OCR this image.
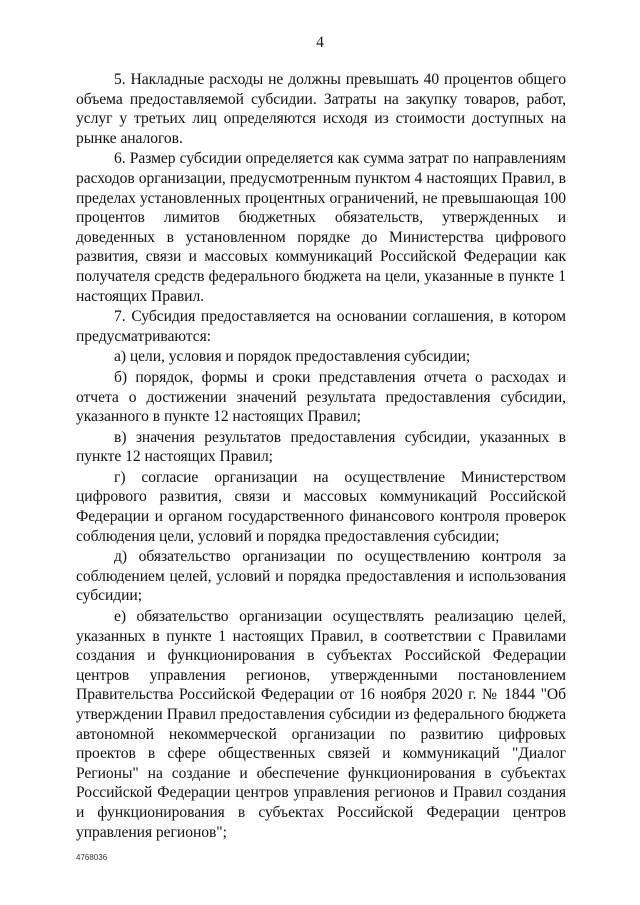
4

5. Накладные расходы не должны превышать 40 процентов общего объема предоставляемой субсидии. Затраты на закупку товаров, работ, услуг у третьих лиц определяются исходя из стоимости доступных на рынке аналогов.

6. Размер субсидии определяется как сумма затрат по направлениям расходов организации, предусмотренным пунктом 4 настоящих Правил, в пределах установленных процентных ограничений, не превышающая 100 процентов лимитов бюджетных обязательств, утвержденных и доведенных в установленном порядке до Министерства цифрового развития, связи и массовых коммуникаций Российской Федерации как получателя средств федерального бюджета на цели, указанные в пункте 1 настоящих Правил.

7. Субсидия предоставляется на основании соглашения, в котором предусматриваются:

а) цели, условия и порядок предоставления субсидии;

б) порядок, формы и сроки представления отчета о расходах и отчета о достижении значений результата предоставления субсидии, указанного в пункте 12 настоящих Правил;

в) значения результатов предоставления субсидии, указанных в пункте 12 настоящих Правил;

г) согласие организации на осуществление Министерством цифрового развития, связи и массовых коммуникаций Российской Федерации и органом государственного финансового контроля проверок соблюдения цели, условий и порядка предоставления субсидии;

д) обязательство организации по осуществлению контроля за соблюдением целей, условий и порядка предоставления и использования субсидии;

е) обязательство организации осуществлять реализацию целей, указанных в пункте 1 настоящих Правил, в соответствии с Правилами создания и функционирования в субъектах Российской Федерации центров управления регионов, утвержденными постановлением Правительства Российской Федерации от 16 ноября 2020 г. № 1844 "Об утверждении Правил предоставления субсидии из федерального бюджета автономной некоммерческой организации по развитию цифровых проектов в сфере общественных связей и коммуникаций "Диалог Регионы" на создание и обеспечение функционирования в субъектах Российской Федерации центров управления регионов и Правил создания и функционирования в субъектах Российской Федерации центров управления регионов";

4768036
